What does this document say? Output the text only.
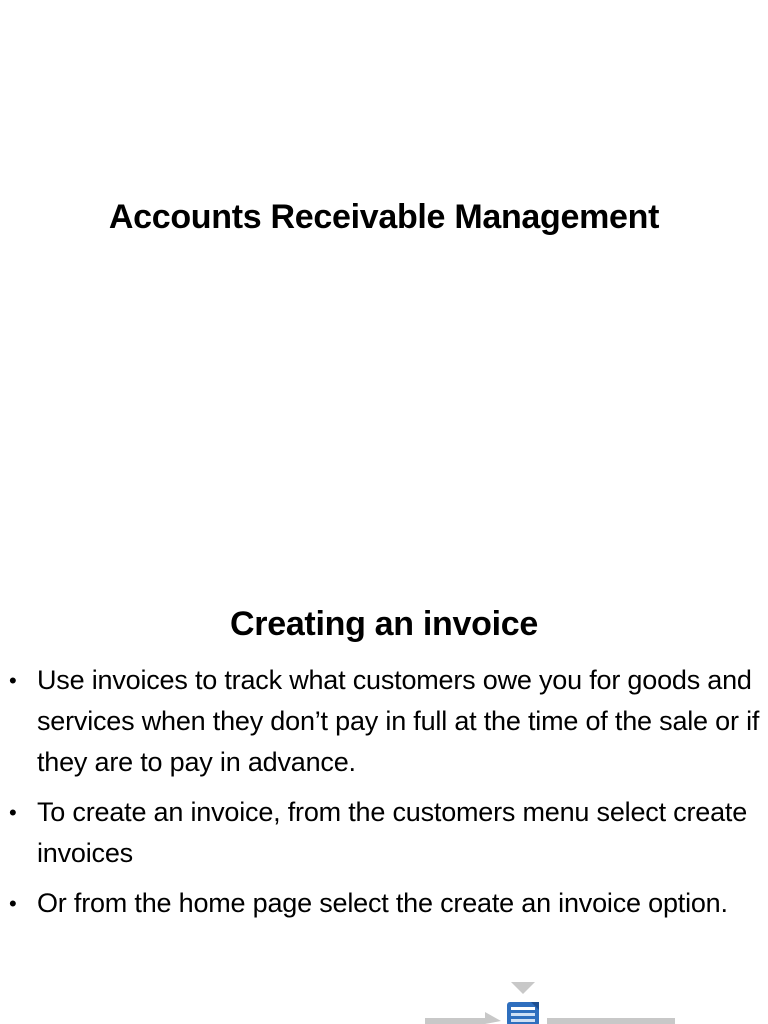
Accounts Receivable Management
Creating an invoice
• Use invoices to track what customers owe you for goods and services when they don’t pay in full at the time of the sale or if they are to pay in advance.
• To create an invoice, from the customers menu select create invoices
• Or from the home page select the create an invoice option.
